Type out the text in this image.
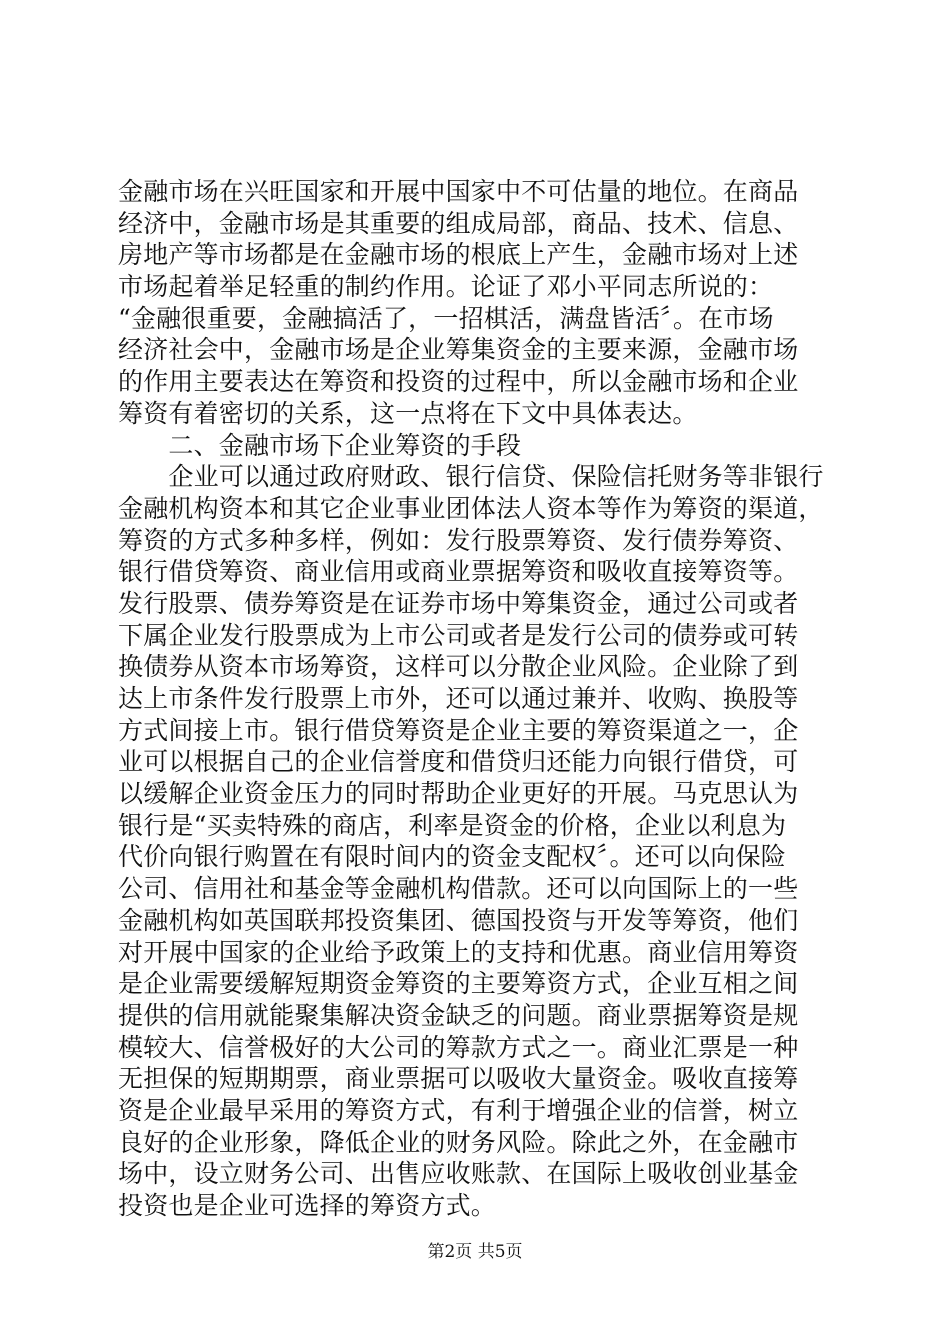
金融市场在兴旺国家和开展中国家中不可估量的地位。在商品
经济中，金融市场是其重要的组成局部，商品、技术、信息、
房地产等市场都是在金融市场的根底上产生，金融市场对上述
市场起着举足轻重的制约作用。论证了邓小平同志所说的：
“金融很重要，金融搞活了，一招棋活，满盘皆活〞。在市场
经济社会中，金融市场是企业筹集资金的主要来源，金融市场
的作用主要表达在筹资和投资的过程中，所以金融市场和企业
筹资有着密切的关系，这一点将在下文中具体表达。
　　二、金融市场下企业筹资的手段
　　企业可以通过政府财政、银行信贷、保险信托财务等非银行
金融机构资本和其它企业事业团体法人资本等作为筹资的渠道，
筹资的方式多种多样，例如：发行股票筹资、发行债券筹资、
银行借贷筹资、商业信用或商业票据筹资和吸收直接筹资等。
发行股票、债券筹资是在证券市场中筹集资金，通过公司或者
下属企业发行股票成为上市公司或者是发行公司的债券或可转
换债券从资本市场筹资，这样可以分散企业风险。企业除了到
达上市条件发行股票上市外，还可以通过兼并、收购、换股等
方式间接上市。银行借贷筹资是企业主要的筹资渠道之一，企
业可以根据自己的企业信誉度和借贷归还能力向银行借贷，可
以缓解企业资金压力的同时帮助企业更好的开展。马克思认为
银行是“买卖特殊的商店，利率是资金的价格，企业以利息为
代价向银行购置在有限时间内的资金支配权〞。还可以向保险
公司、信用社和基金等金融机构借款。还可以向国际上的一些
金融机构如英国联邦投资集团、德国投资与开发等筹资，他们
对开展中国家的企业给予政策上的支持和优惠。商业信用筹资
是企业需要缓解短期资金筹资的主要筹资方式，企业互相之间
提供的信用就能聚集解决资金缺乏的问题。商业票据筹资是规
模较大、信誉极好的大公司的筹款方式之一。商业汇票是一种
无担保的短期期票，商业票据可以吸收大量资金。吸收直接筹
资是企业最早采用的筹资方式，有利于增强企业的信誉，树立
良好的企业形象，降低企业的财务风险。除此之外，在金融市
场中，设立财务公司、出售应收账款、在国际上吸收创业基金
投资也是企业可选择的筹资方式。
第2页 共5页
